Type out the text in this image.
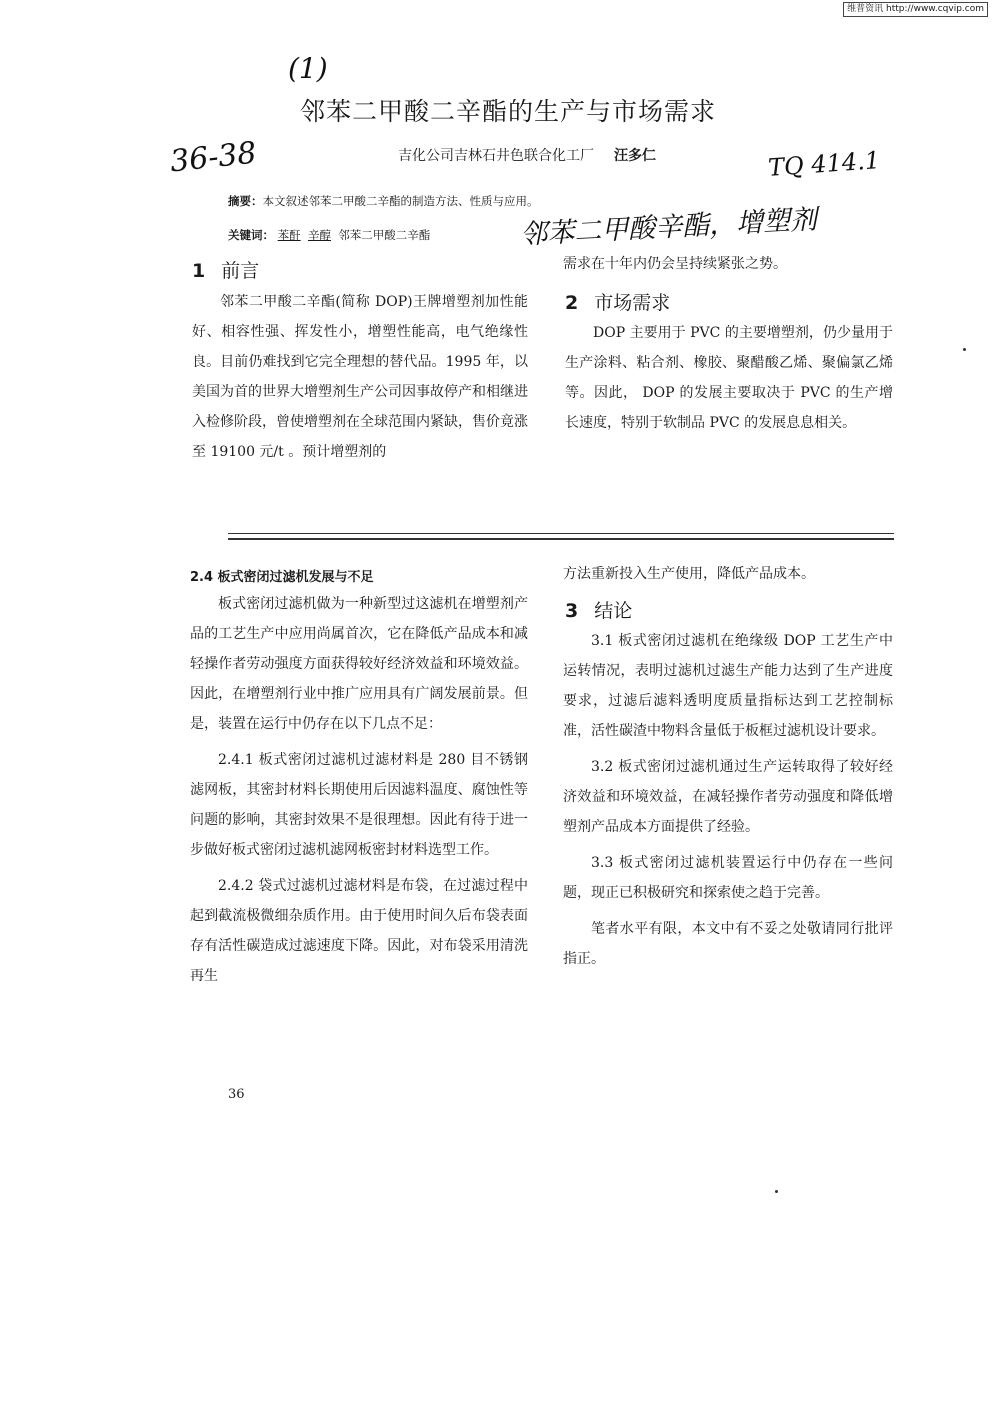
维普资讯 http://www.cqvip.com
(1)
36-38	TQ 414.1
邻苯二甲酸辛酯，增塑剂
邻苯二甲酸二辛酯的生产与市场需求
吉化公司吉林石井色联合化工厂 汪多仁
摘要：本文叙述邻苯二甲酸二辛酯的制造方法、性质与应用。
关键词： 苯酐 辛醇 邻苯二甲酸二辛酯
1 前言

邻苯二甲酸二辛酯(简称 DOP)王牌增塑剂加性能好、相容性强、挥发性小，增塑性能高，电气绝缘性良。目前仍难找到它完全理想的替代品。1995 年，以美国为首的世界大增塑剂生产公司因事故停产和相继进入检修阶段，曾使增塑剂在全球范围内紧缺，售价竟涨至 19100 元/t 。预计增塑剂的

需求在十年内仍会呈持续紧张之势。

2 市场需求

DOP 主要用于 PVC 的主要增塑剂，仍少量用于生产涂料、粘合剂、橡胶、聚醋酸乙烯、聚偏氯乙烯等。因此， DOP 的发展主要取决于 PVC 的生产增长速度，特别于软制品 PVC 的发展息息相关。

2.4 板式密闭过滤机发展与不足

板式密闭过滤机做为一种新型过这滤机在增塑剂产品的工艺生产中应用尚属首次，它在降低产品成本和减轻操作者劳动强度方面获得较好经济效益和环境效益。因此，在增塑剂行业中推广应用具有广阔发展前景。但是，装置在运行中仍存在以下几点不足：

2.4.1 板式密闭过滤机过滤材料是 280 目不锈钢滤网板，其密封材料长期使用后因滤料温度、腐蚀性等问题的影响，其密封效果不是很理想。因此有待于进一步做好板式密闭过滤机滤网板密封材料选型工作。

2.4.2 袋式过滤机过滤材料是布袋，在过滤过程中起到截流极微细杂质作用。由于使用时间久后布袋表面存有活性碳造成过滤速度下降。因此，对布袋采用清洗 再生

方法重新投入生产使用，降低产品成本。

3 结论

3.1 板式密闭过滤机在绝缘级 DOP 工艺生产中运转情况，表明过滤机过滤生产能力达到了生产进度要求，过滤后滤料透明度质量指标达到工艺控制标准，活性碳渣中物料含量低于板框过滤机设计要求。

3.2 板式密闭过滤机通过生产运转取得了较好经济效益和环境效益，在减轻操作者劳动强度和降低增塑剂产品成本方面提供了经验。

3.3 板式密闭过滤机装置运行中仍存在一些问题，现正已积极研究和探索使之趋于完善。

笔者水平有限，本文中有不妥之处敬请同行批评指正。

36
